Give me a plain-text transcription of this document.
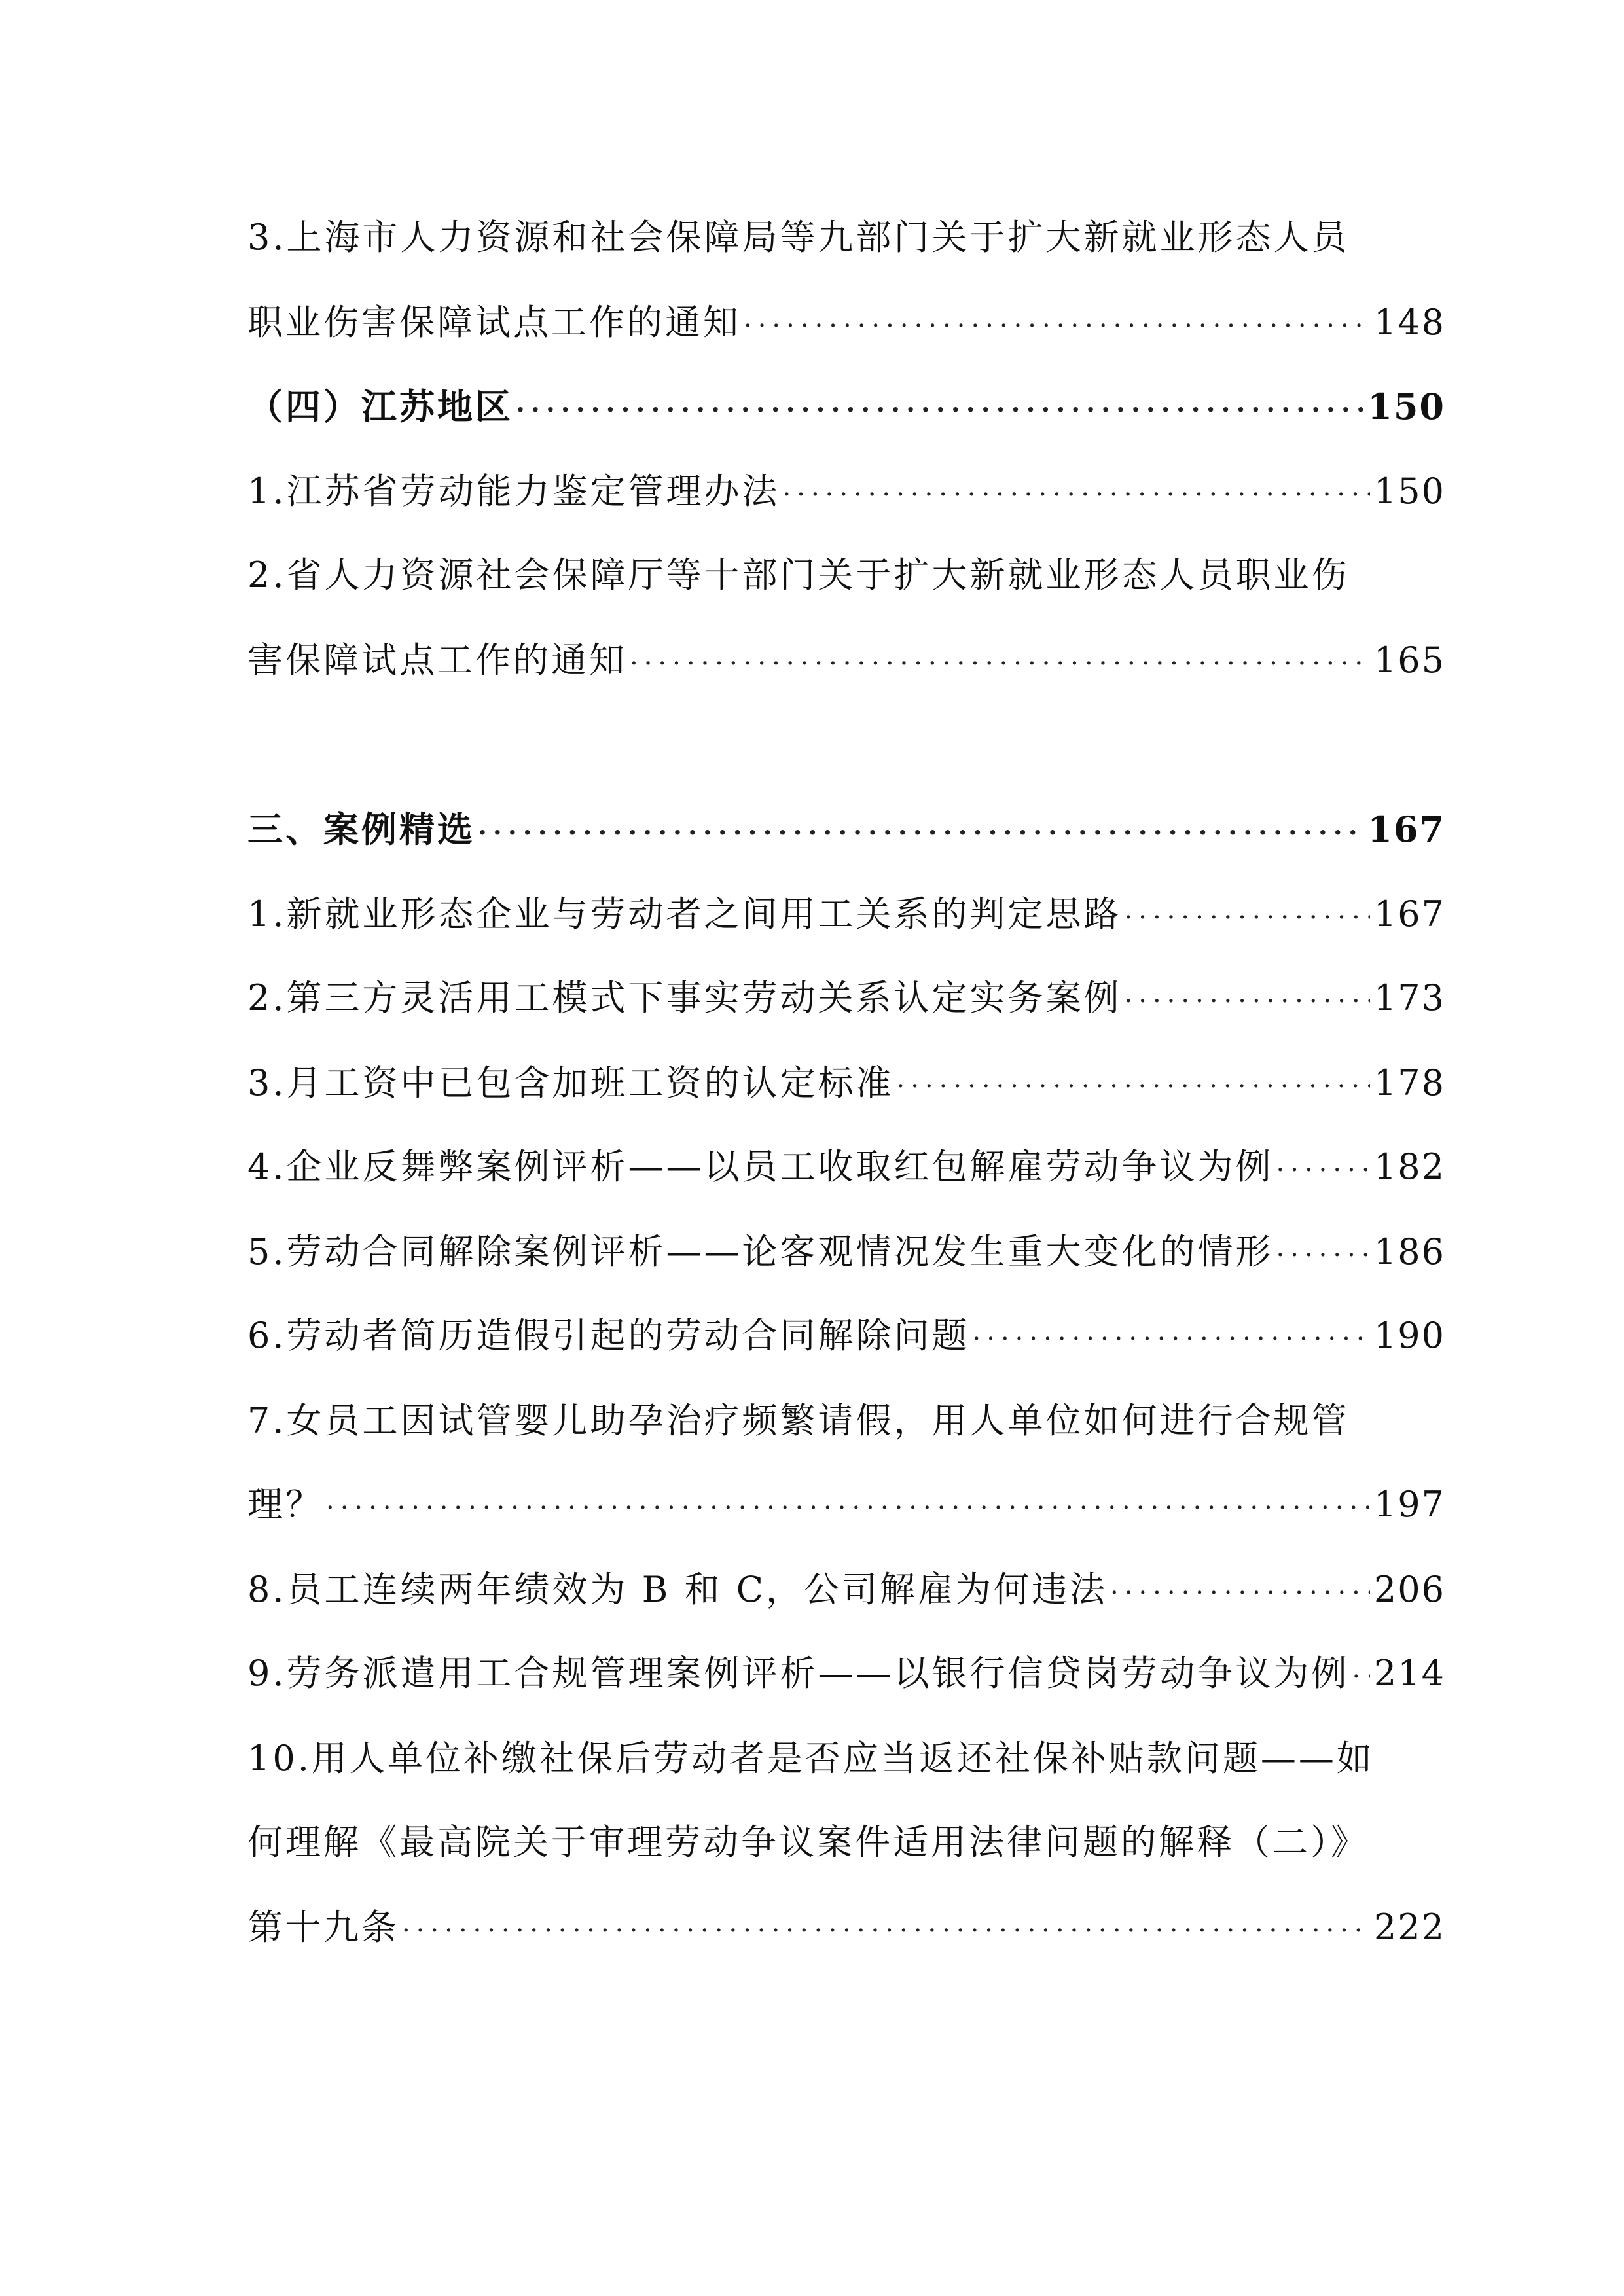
3.上海市人力资源和社会保障局等九部门关于扩大新就业形态人员
职业伤害保障试点工作的通知 ·····	148
（四）江苏地区 ·····	150
1.江苏省劳动能力鉴定管理办法 ·····	150
2.省人力资源社会保障厅等十部门关于扩大新就业形态人员职业伤
害保障试点工作的通知 ·····	165
三、案例精选 ·····	167
1.新就业形态企业与劳动者之间用工关系的判定思路 ·····	167
2.第三方灵活用工模式下事实劳动关系认定实务案例 ·····	173
3.月工资中已包含加班工资的认定标准 ·····	178
4.企业反舞弊案例评析——以员工收取红包解雇劳动争议为例 ·····	182
5.劳动合同解除案例评析——论客观情况发生重大变化的情形 ·····	186
6.劳动者简历造假引起的劳动合同解除问题 ·····	190
7.女员工因试管婴儿助孕治疗频繁请假，用人单位如何进行合规管
理？ ·····	197
8.员工连续两年绩效为 B 和 C，公司解雇为何违法 ·····	206
9.劳务派遣用工合规管理案例评析——以银行信贷岗劳动争议为例 ····· 214
10.用人单位补缴社保后劳动者是否应当返还社保补贴款问题——如
何理解《最高院关于审理劳动争议案件适用法律问题的解释（二）》
第十九条 ·····	222
